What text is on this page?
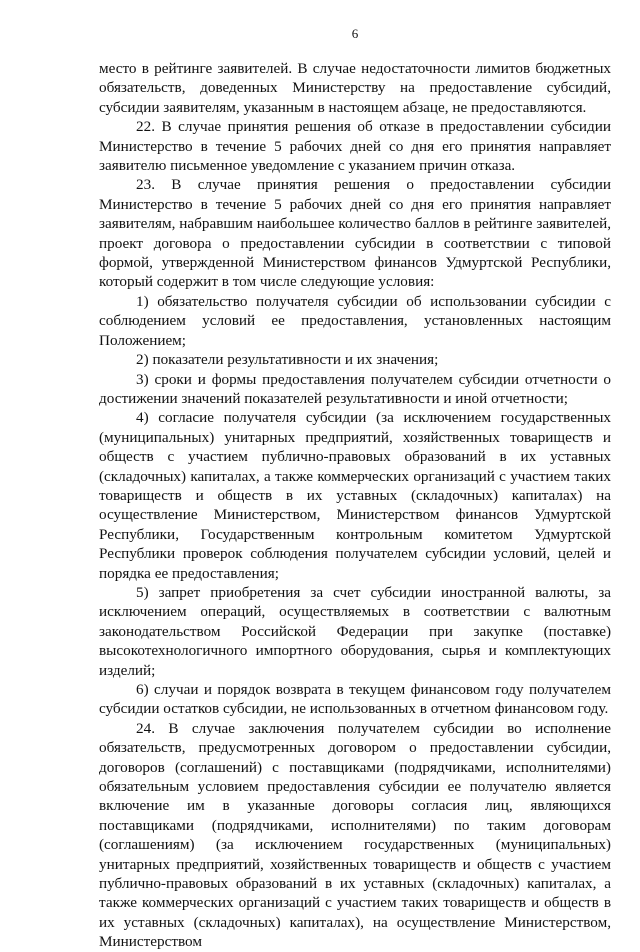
6

место в рейтинге заявителей. В случае недостаточности лимитов бюджетных обязательств, доведенных Министерству на предоставление субсидий, субсидии заявителям, указанным в настоящем абзаце, не предоставляются.

22. В случае принятия решения об отказе в предоставлении субсидии Министерство в течение 5 рабочих дней со дня его принятия направляет заявителю письменное уведомление с указанием причин отказа.

23. В случае принятия решения о предоставлении субсидии Министерство в течение 5 рабочих дней со дня его принятия направляет заявителям, набравшим наибольшее количество баллов в рейтинге заявителей, проект договора о предоставлении субсидии в соответствии с типовой формой, утвержденной Министерством финансов Удмуртской Республики, который содержит в том числе следующие условия:

1) обязательство получателя субсидии об использовании субсидии с соблюдением условий ее предоставления, установленных настоящим Положением;

2) показатели результативности и их значения;

3) сроки и формы предоставления получателем субсидии отчетности о достижении значений показателей результативности и иной отчетности;

4) согласие получателя субсидии (за исключением государственных (муниципальных) унитарных предприятий, хозяйственных товариществ и обществ с участием публично-правовых образований в их уставных (складочных) капиталах, а также коммерческих организаций с участием таких товариществ и обществ в их уставных (складочных) капиталах) на осуществление Министерством, Министерством финансов Удмуртской Республики, Государственным контрольным комитетом Удмуртской Республики проверок соблюдения получателем субсидии условий, целей и порядка ее предоставления;

5) запрет приобретения за счет субсидии иностранной валюты, за исключением операций, осуществляемых в соответствии с валютным законодательством Российской Федерации при закупке (поставке) высокотехнологичного импортного оборудования, сырья и комплектующих изделий;

6) случаи и порядок возврата в текущем финансовом году получателем субсидии остатков субсидии, не использованных в отчетном финансовом году.

24. В случае заключения получателем субсидии во исполнение обязательств, предусмотренных договором о предоставлении субсидии, договоров (соглашений) с поставщиками (подрядчиками, исполнителями) обязательным условием предоставления субсидии ее получателю является включение им в указанные договоры согласия лиц, являющихся поставщиками (подрядчиками, исполнителями) по таким договорам (соглашениям) (за исключением государственных (муниципальных) унитарных предприятий, хозяйственных товариществ и обществ с участием публично-правовых образований в их уставных (складочных) капиталах, а также коммерческих организаций с участием таких товариществ и обществ в их уставных (складочных) капиталах), на осуществление Министерством, Министерством
